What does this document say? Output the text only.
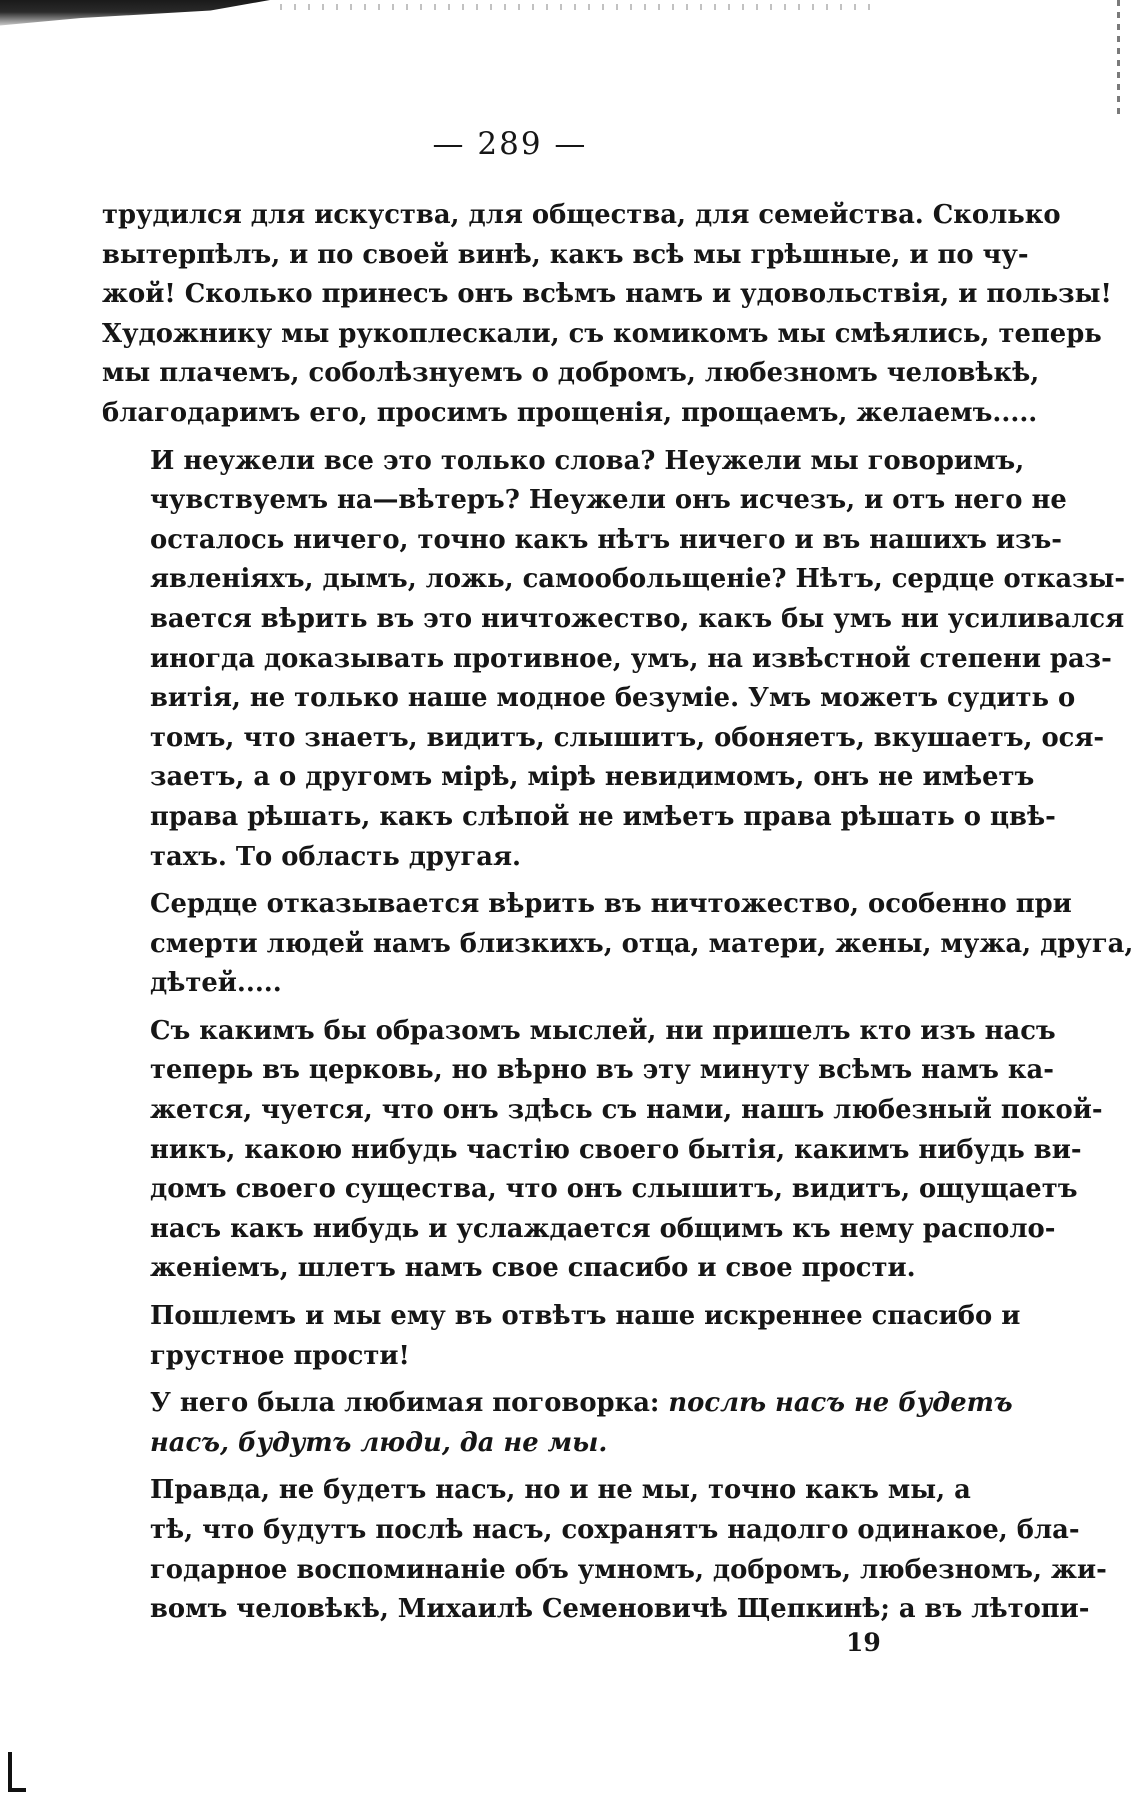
— 289 —

трудился для искуства, для общества, для семейства. Сколько
вытерпѣлъ, и по своей винѣ, какъ всѣ мы грѣшные, и по чу-
жой! Сколько принесъ онъ всѣмъ намъ и удовольствія, и пользы!
Художнику мы рукоплескали, съ комикомъ мы смѣялись, теперь
мы плачемъ, соболѣзнуемъ о добромъ, любезномъ человѣкѣ,
благодаримъ его, просимъ прощенія, прощаемъ, желаемъ.....

И неужели все это только слова? Неужели мы говоримъ,
чувствуемъ на—вѣтеръ? Неужели онъ исчезъ, и отъ него не
осталось ничего, точно какъ нѣтъ ничего и въ нашихъ изъ-
явленіяхъ, дымъ, ложь, самообольщеніе? Нѣтъ, сердце отказы-
вается вѣрить въ это ничтожество, какъ бы умъ ни усиливался
иногда доказывать противное, умъ, на извѣстной степени раз-
витія, не только наше модное безуміе. Умъ можетъ судить о
томъ, что знаетъ, видитъ, слышитъ, обоняетъ, вкушаетъ, ося-
заетъ, а о другомъ мірѣ, мірѣ невидимомъ, онъ не имѣетъ
права рѣшать, какъ слѣпой не имѣетъ права рѣшать о цвѣ-
тахъ. То область другая.

Сердце отказывается вѣрить въ ничтожество, особенно при
смерти людей намъ близкихъ, отца, матери, жены, мужа, друга,
дѣтей.....

Съ какимъ бы образомъ мыслей, ни пришелъ кто изъ насъ
теперь въ церковь, но вѣрно въ эту минуту всѣмъ намъ ка-
жется, чуется, что онъ здѣсь съ нами, нашъ любезный покой-
никъ, какою нибудь частію своего бытія, какимъ нибудь ви-
домъ своего существа, что онъ слышитъ, видитъ, ощущаетъ
насъ какъ нибудь и услаждается общимъ къ нему располо-
женіемъ, шлетъ намъ свое спасибо и свое прости.

Пошлемъ и мы ему въ отвѣтъ наше искреннее спасибо и
грустное прости!

У него была любимая поговорка: послѣ насъ не будетъ
насъ, будутъ люди, да не мы.

Правда, не будетъ насъ, но и не мы, точно какъ мы, а
тѣ, что будутъ послѣ насъ, сохранятъ надолго одинакое, бла-
годарное воспоминаніе объ умномъ, добромъ, любезномъ, жи-
вомъ человѣкѣ, Михаилѣ Семеновичѣ Щепкинѣ; а въ лѣтопи-

19
